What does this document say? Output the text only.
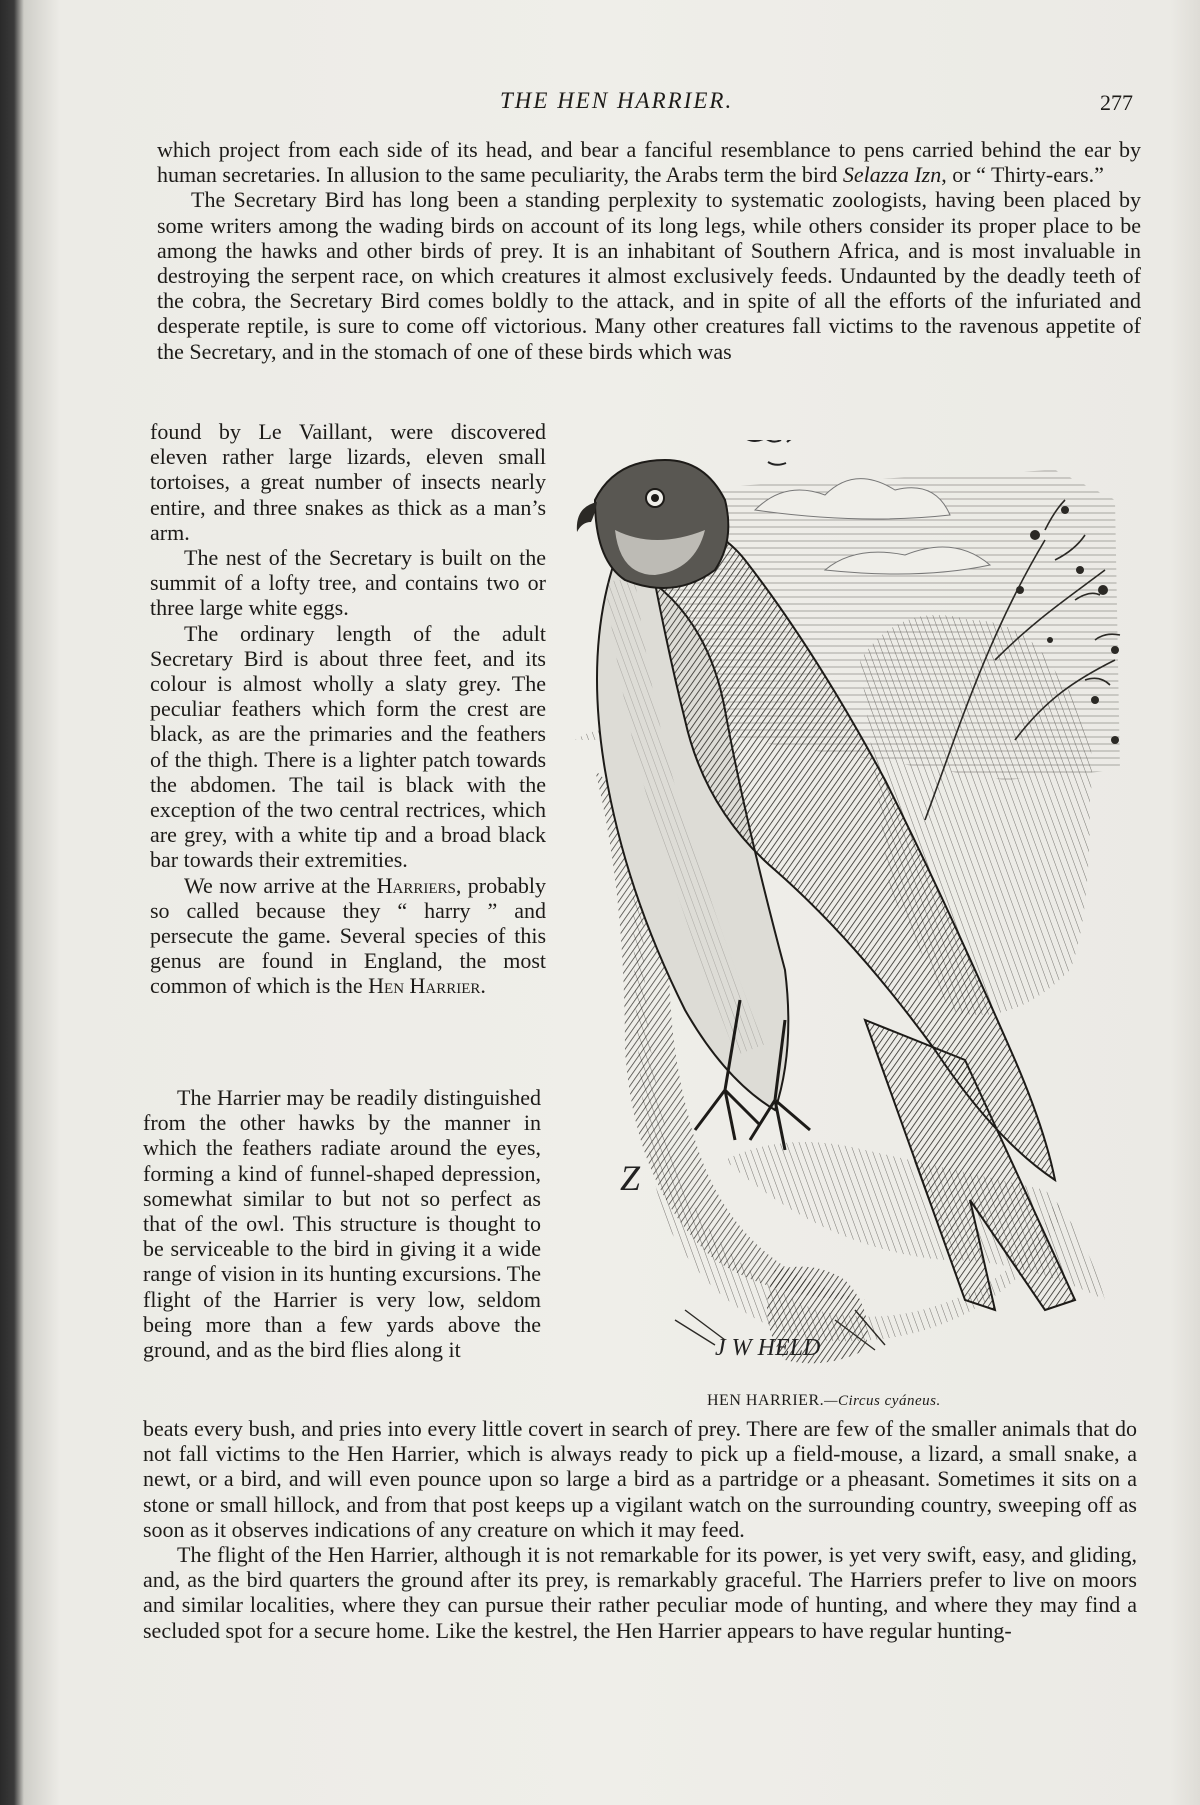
THE HEN HARRIER.	277

which project from each side of its head, and bear a fanciful resemblance to pens carried behind the ear by human secretaries. In allusion to the same peculiarity, the Arabs term the bird Selazza Izn, or “ Thirty-ears.”

The Secretary Bird has long been a standing perplexity to systematic zoologists, having been placed by some writers among the wading birds on account of its long legs, while others consider its proper place to be among the hawks and other birds of prey. It is an inhabitant of Southern Africa, and is most invaluable in destroying the serpent race, on which creatures it almost exclusively feeds. Undaunted by the deadly teeth of the cobra, the Secretary Bird comes boldly to the attack, and in spite of all the efforts of the infuriated and desperate reptile, is sure to come off victorious. Many other creatures fall victims to the ravenous appetite of the Secretary, and in the stomach of one of these birds which was

found by Le Vaillant, were discovered eleven rather large lizards, eleven small tortoises, a great number of insects nearly entire, and three snakes as thick as a man’s arm.

The nest of the Secretary is built on the summit of a lofty tree, and contains two or three large white eggs.

The ordinary length of the adult Secretary Bird is about three feet, and its colour is almost wholly a slaty grey. The peculiar feathers which form the crest are black, as are the primaries and the feathers of the thigh. There is a lighter patch towards the abdomen. The tail is black with the exception of the two central rectrices, which are grey, with a white tip and a broad black bar towards their extremities.

We now arrive at the Harriers, probably so called because they “ harry ” and persecute the game. Several species of this genus are found in England, the most common of which is the Hen Harrier.

The Harrier may be readily distinguished from the other hawks by the manner in which the feathers radiate around the eyes, forming a kind of funnel-shaped depression, somewhat similar to but not so perfect as that of the owl. This structure is thought to be serviceable to the bird in giving it a wide range of vision in its hunting excursions. The flight of the Harrier is very low, seldom being more than a few yards above the ground, and as the bird flies along it

Z
J W HELD
HEN HARRIER.—Circus cyáneus.

beats every bush, and pries into every little covert in search of prey. There are few of the smaller animals that do not fall victims to the Hen Harrier, which is always ready to pick up a field-mouse, a lizard, a small snake, a newt, or a bird, and will even pounce upon so large a bird as a partridge or a pheasant. Sometimes it sits on a stone or small hillock, and from that post keeps up a vigilant watch on the surrounding country, sweeping off as soon as it observes indications of any creature on which it may feed.

The flight of the Hen Harrier, although it is not remarkable for its power, is yet very swift, easy, and gliding, and, as the bird quarters the ground after its prey, is remarkably graceful. The Harriers prefer to live on moors and similar localities, where they can pursue their rather peculiar mode of hunting, and where they may find a secluded spot for a secure home. Like the kestrel, the Hen Harrier appears to have regular hunting-
